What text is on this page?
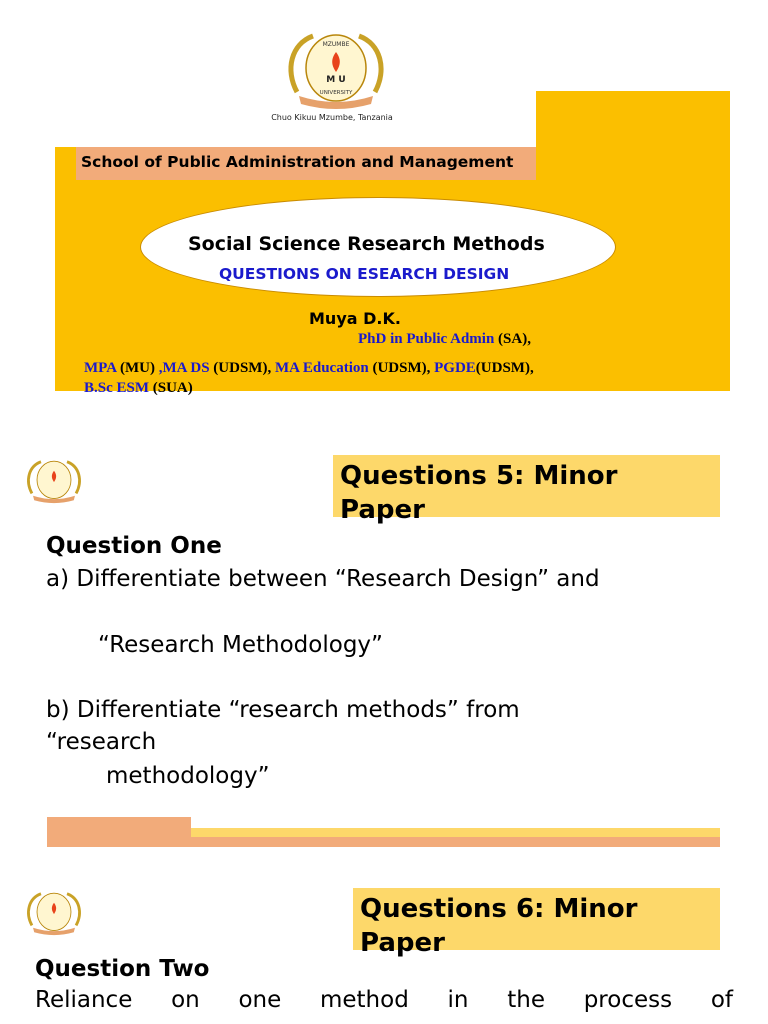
MZUMBE
M U
UNIVERSITY
Chuo Kikuu Mzumbe, Tanzania
School of Public Administration and Management
Social Science Research Methods
QUESTIONS ON ESEARCH DESIGN
Muya D.K.
PhD in Public Admin (SA),
MPA (MU) ,MA DS (UDSM), MA Education (UDSM), PGDE(UDSM),
B.Sc ESM (SUA)
Questions 5: Minor Paper
Question One
a) Differentiate between “Research Design” and
“Research Methodology”
b) Differentiate “research methods” from
“research
methodology”
Questions 6: Minor Paper
Question Two
Reliance on one method in the process of
